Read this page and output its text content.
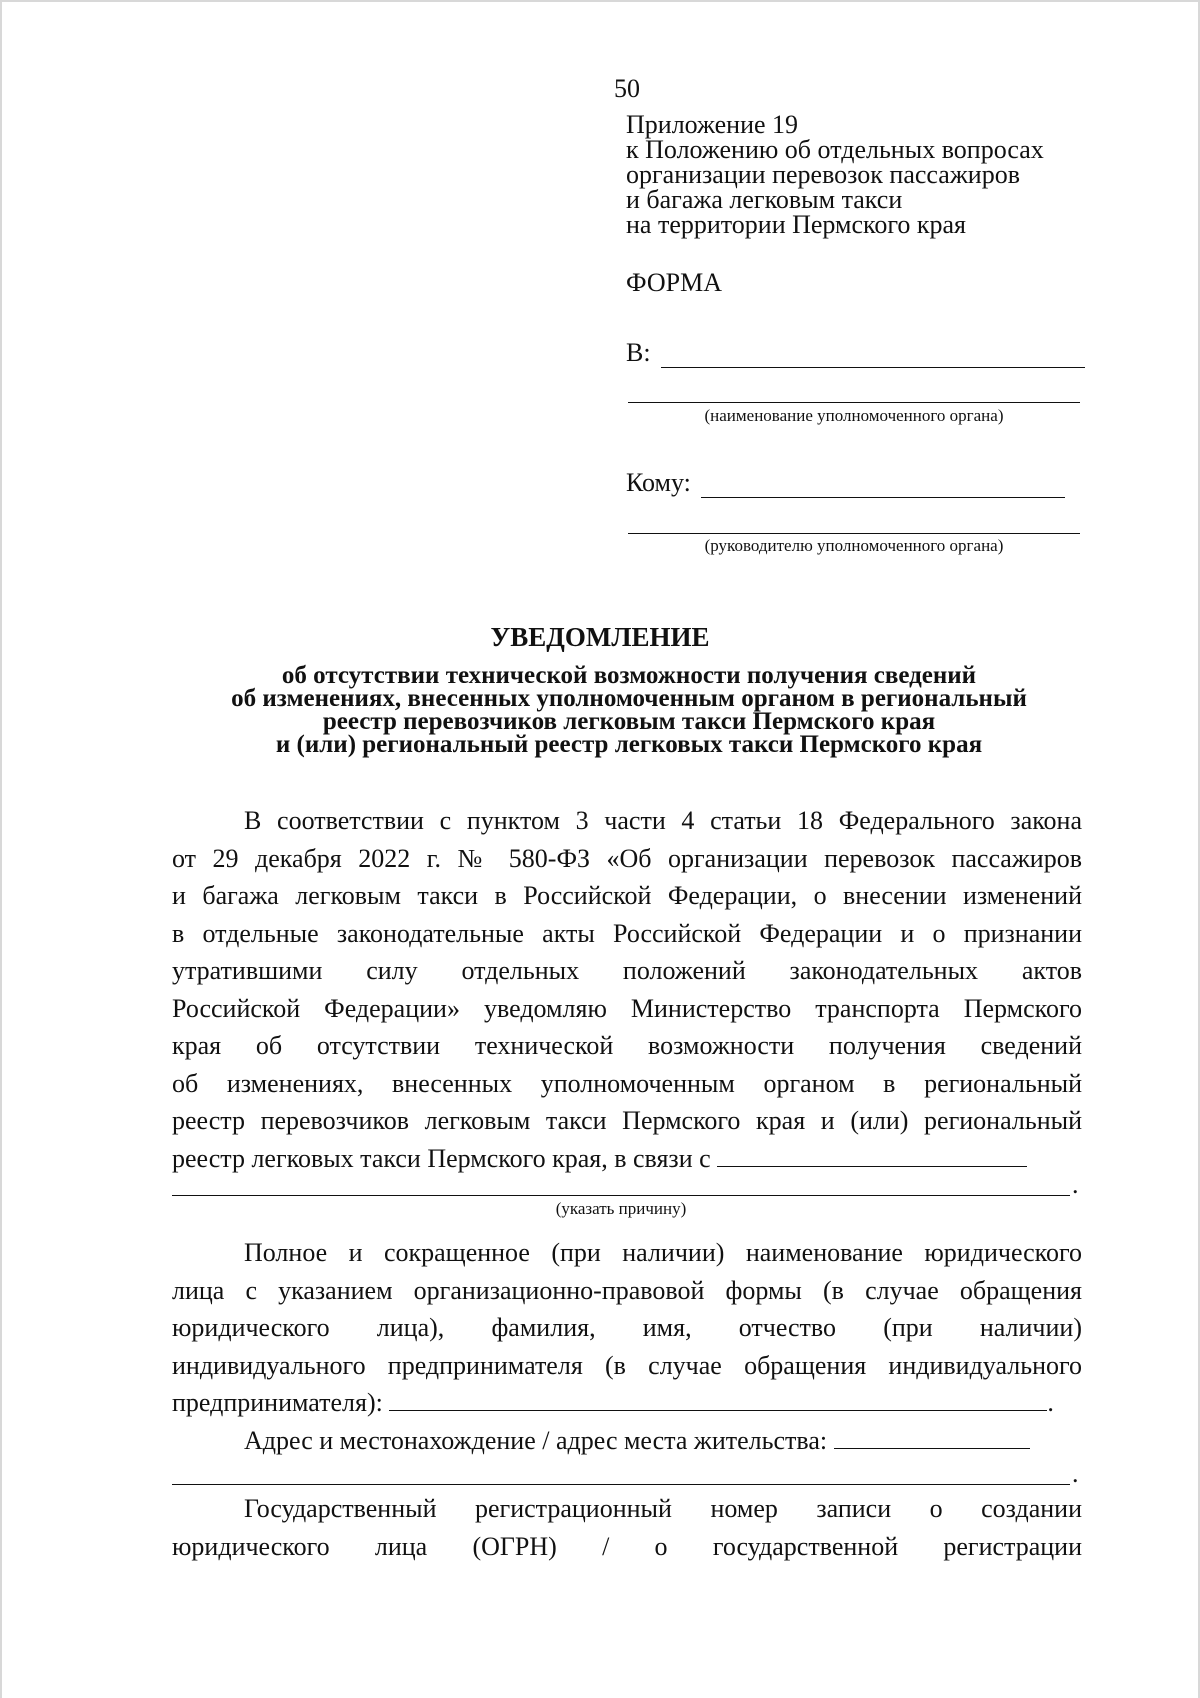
50
Приложение 19
к Положению об отдельных вопросах
организации перевозок пассажиров
и багажа легковым такси
на территории Пермского края
ФОРМА
В:
(наименование уполномоченного органа)
Кому:
(руководителю уполномоченного органа)
УВЕДОМЛЕНИЕ
об отсутствии технической возможности получения сведений
об изменениях, внесенных уполномоченным органом в региональный
реестр перевозчиков легковым такси Пермского края
и (или) региональный реестр легковых такси Пермского края
В соответствии с пунктом 3 части 4 статьи 18 Федерального закона
от 29 декабря 2022 г. № 580-ФЗ «Об организации перевозок пассажиров
и багажа легковым такси в Российской Федерации, о внесении изменений
в отдельные законодательные акты Российской Федерации и о признании
утратившими силу отдельных положений законодательных актов
Российской Федерации» уведомляю Министерство транспорта Пермского
края об отсутствии технической возможности получения сведений
об изменениях, внесенных уполномоченным органом в региональный
реестр перевозчиков легковым такси Пермского края и (или) региональный
реестр легковых такси Пермского края, в связи с
.
(указать причину)
Полное и сокращенное (при наличии) наименование юридического
лица с указанием организационно-правовой формы (в случае обращения
юридического лица), фамилия, имя, отчество (при наличии)
индивидуального предпринимателя (в случае обращения индивидуального
предпринимателя):	.
Адрес и местонахождение / адрес места жительства:
.
Государственный регистрационный номер записи о создании
юридического лица (ОГРН) / о государственной регистрации
